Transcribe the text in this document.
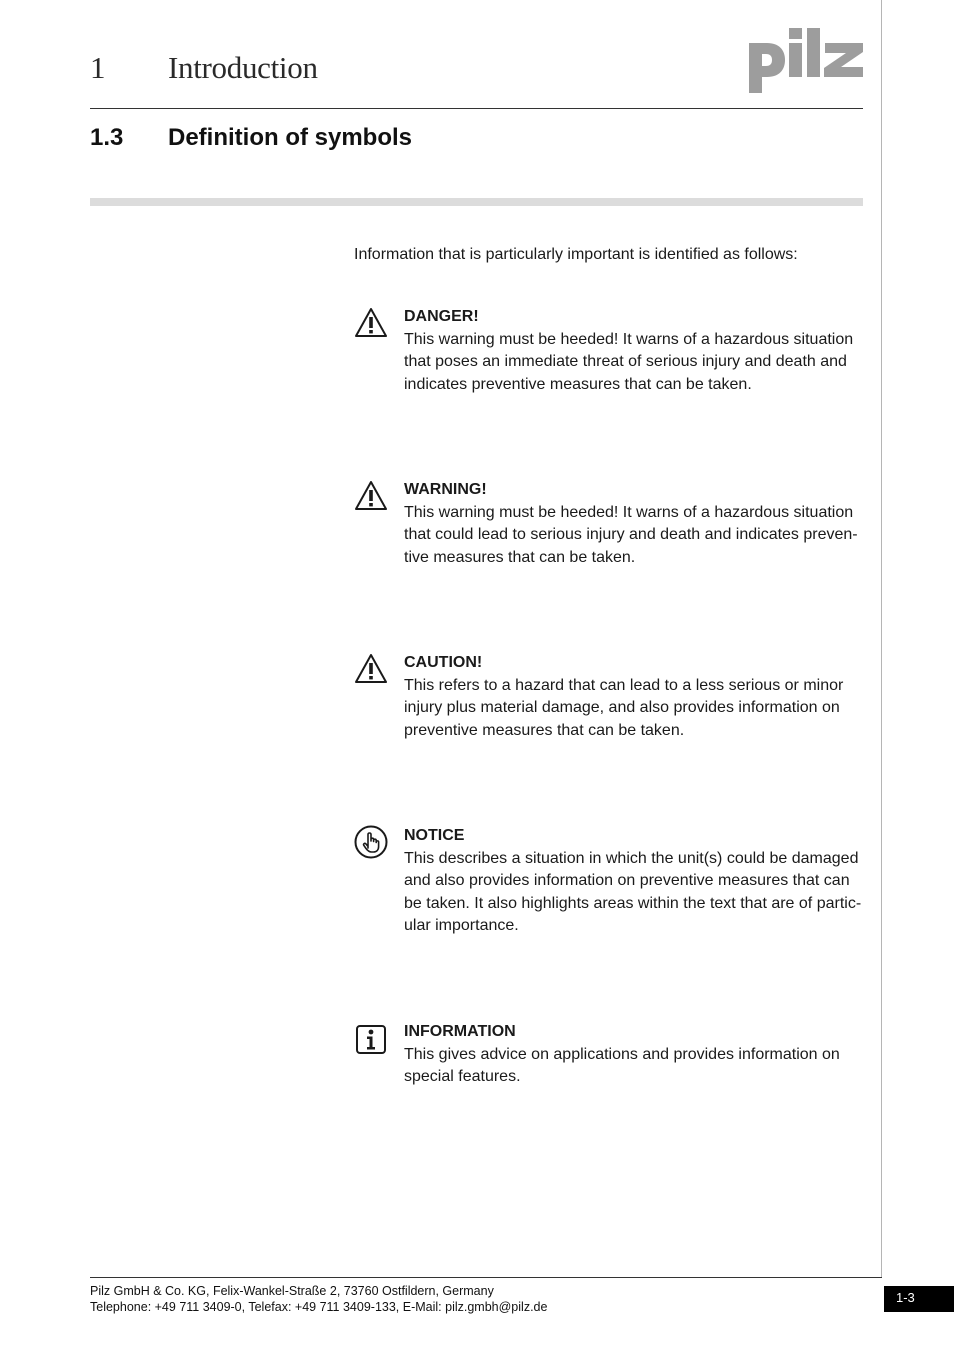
1 Introduction
1.3 Definition of symbols
Information that is particularly important is identified as follows:
DANGER!
This warning must be heeded! It warns of a hazardous situation
that poses an immediate threat of serious injury and death and
indicates preventive measures that can be taken.
WARNING!
This warning must be heeded! It warns of a hazardous situation
that could lead to serious injury and death and indicates preven-
tive measures that can be taken.
CAUTION!
This refers to a hazard that can lead to a less serious or minor
injury plus material damage, and also provides information on
preventive measures that can be taken.
NOTICE
This describes a situation in which the unit(s) could be damaged
and also provides information on preventive measures that can
be taken. It also highlights areas within the text that are of partic-
ular importance.
INFORMATION
This gives advice on applications and provides information on
special features.
Pilz GmbH & Co. KG, Felix-Wankel-Straße 2, 73760 Ostfildern, Germany
Telephone: +49 711 3409-0, Telefax: +49 711 3409-133, E-Mail: pilz.gmbh@pilz.de
1-3
